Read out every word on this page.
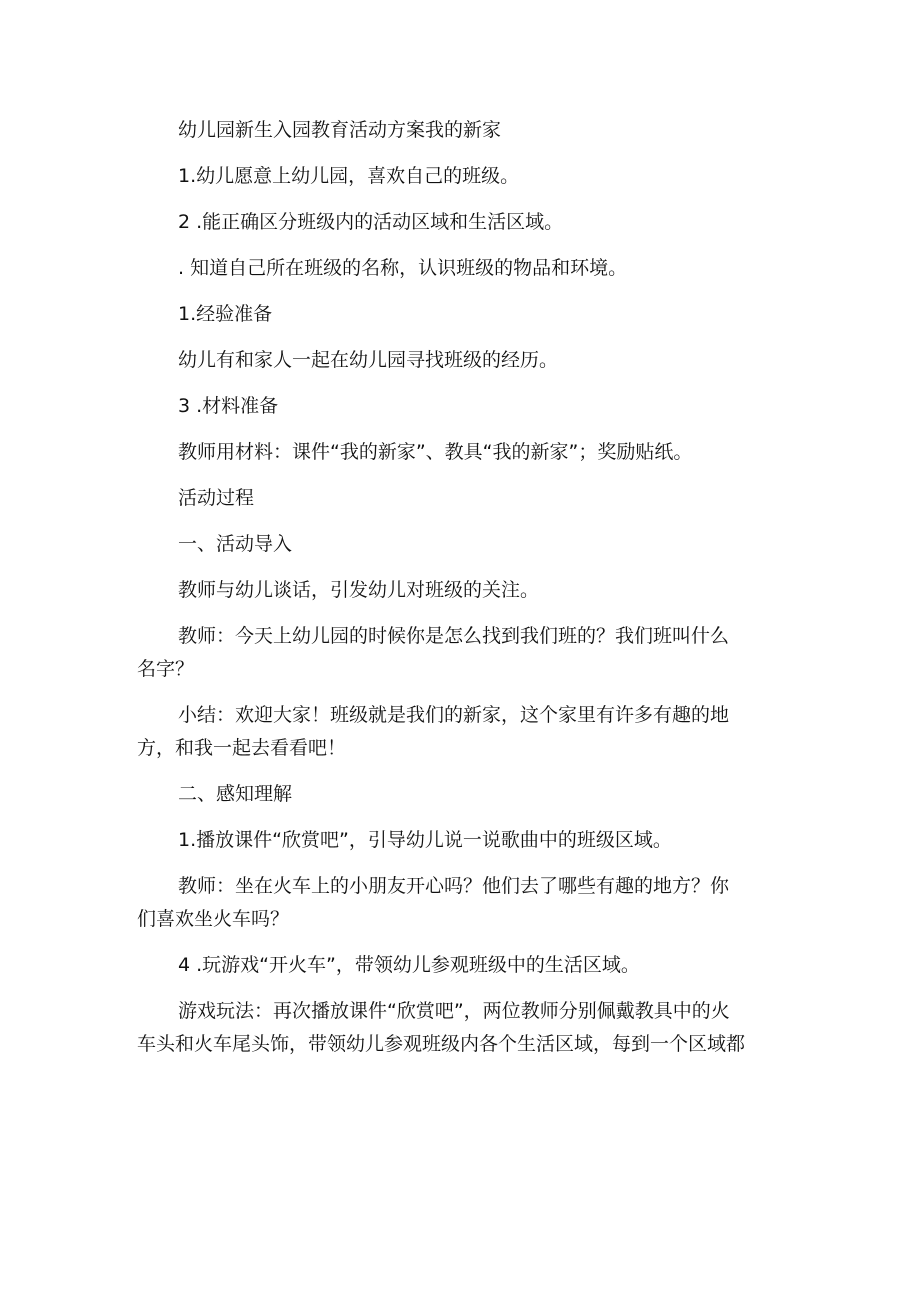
幼儿园新生入园教育活动方案我的新家
1.幼儿愿意上幼儿园，喜欢自己的班级。
2 .能正确区分班级内的活动区域和生活区域。
. 知道自己所在班级的名称，认识班级的物品和环境。
1.经验准备
幼儿有和家人一起在幼儿园寻找班级的经历。
3 .材料准备
教师用材料：课件“我的新家”、教具“我的新家”；奖励贴纸。
活动过程
一、活动导入
教师与幼儿谈话，引发幼儿对班级的关注。
教师：今天上幼儿园的时候你是怎么找到我们班的？我们班叫什么
名字？
小结：欢迎大家！班级就是我们的新家，这个家里有许多有趣的地
方，和我一起去看看吧！
二、感知理解
1.播放课件“欣赏吧”，引导幼儿说一说歌曲中的班级区域。
教师：坐在火车上的小朋友开心吗？他们去了哪些有趣的地方？你
们喜欢坐火车吗？
4 .玩游戏“开火车”，带领幼儿参观班级中的生活区域。
游戏玩法：再次播放课件“欣赏吧”，两位教师分别佩戴教具中的火
车头和火车尾头饰，带领幼儿参观班级内各个生活区域，每到一个区域都
